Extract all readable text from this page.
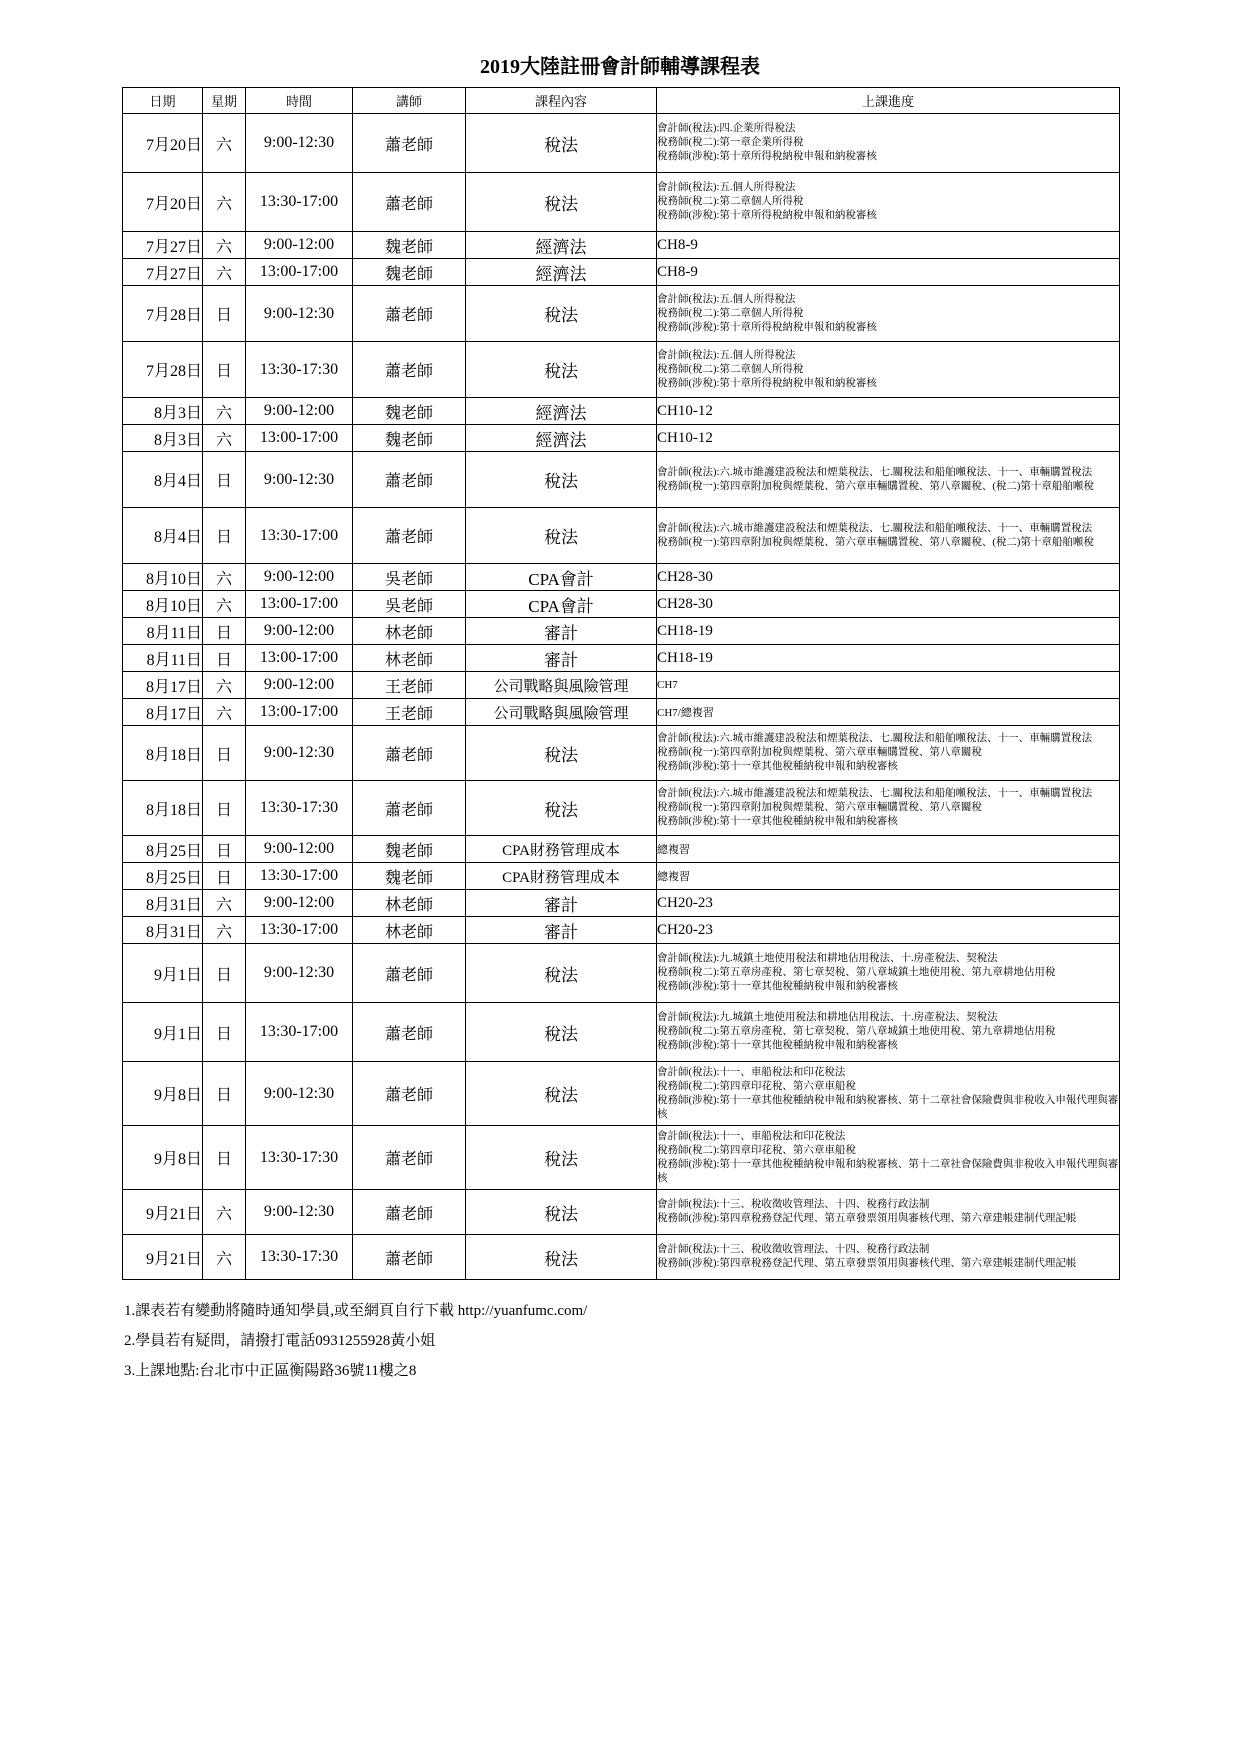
2019大陸註冊會計師輔導課程表
日期	星期	時間	講師	課程內容	上課進度
7月20日	六	9:00-12:30	蕭老師	稅法	會計師(稅法):四.企業所得稅法
稅務師(稅二):第一章企業所得稅
稅務師(涉稅):第十章所得稅納稅申報和納稅審核

7月20日	六	13:30-17:00	蕭老師	稅法	會計師(稅法):五.個人所得稅法
稅務師(稅二):第二章個人所得稅
稅務師(涉稅):第十章所得稅納稅申報和納稅審核

7月27日	六	9:00-12:00	魏老師	經濟法	CH8-9

7月27日	六	13:00-17:00	魏老師	經濟法	CH8-9

7月28日	日	9:00-12:30	蕭老師	稅法	會計師(稅法):五.個人所得稅法
稅務師(稅二):第二章個人所得稅
稅務師(涉稅):第十章所得稅納稅申報和納稅審核

7月28日	日	13:30-17:30	蕭老師	稅法	會計師(稅法):五.個人所得稅法
稅務師(稅二):第二章個人所得稅
稅務師(涉稅):第十章所得稅納稅申報和納稅審核

8月3日	六	9:00-12:00	魏老師	經濟法	CH10-12

8月3日	六	13:00-17:00	魏老師	經濟法	CH10-12

8月4日	日	9:00-12:30	蕭老師	稅法	會計師(稅法):六.城市維護建設稅法和煙葉稅法、七.關稅法和船舶噸稅法、十一、車輛購置稅法
稅務師(稅一):第四章附加稅與煙葉稅、第六章車輛購置稅、第八章關稅、(稅二)第十章船舶噸稅

8月4日	日	13:30-17:00	蕭老師	稅法	會計師(稅法):六.城市維護建設稅法和煙葉稅法、七.關稅法和船舶噸稅法、十一、車輛購置稅法
稅務師(稅一):第四章附加稅與煙葉稅、第六章車輛購置稅、第八章關稅、(稅二)第十章船舶噸稅

8月10日	六	9:00-12:00	吳老師	CPA會計	CH28-30

8月10日	六	13:00-17:00	吳老師	CPA會計	CH28-30

8月11日	日	9:00-12:00	林老師	審計	CH18-19

8月11日	日	13:00-17:00	林老師	審計	CH18-19

8月17日	六	9:00-12:00	王老師	公司戰略與風險管理	CH7

8月17日	六	13:00-17:00	王老師	公司戰略與風險管理	CH7/總複習

8月18日	日	9:00-12:30	蕭老師	稅法	會計師(稅法):六.城市維護建設稅法和煙葉稅法、七.關稅法和船舶噸稅法、十一、車輛購置稅法
稅務師(稅一):第四章附加稅與煙葉稅、第六章車輛購置稅、第八章關稅
稅務師(涉稅):第十一章其他稅種納稅申報和納稅審核

8月18日	日	13:30-17:30	蕭老師	稅法	會計師(稅法):六.城市維護建設稅法和煙葉稅法、七.關稅法和船舶噸稅法、十一、車輛購置稅法
稅務師(稅一):第四章附加稅與煙葉稅、第六章車輛購置稅、第八章關稅
稅務師(涉稅):第十一章其他稅種納稅申報和納稅審核

8月25日	日	9:00-12:00	魏老師	CPA財務管理成本	總複習

8月25日	日	13:30-17:00	魏老師	CPA財務管理成本	總複習

8月31日	六	9:00-12:00	林老師	審計	CH20-23

8月31日	六	13:30-17:00	林老師	審計	CH20-23

9月1日	日	9:00-12:30	蕭老師	稅法	會計師(稅法):九.城鎮土地使用稅法和耕地佔用稅法、十.房產稅法、契稅法
稅務師(稅二):第五章房產稅、第七章契稅、第八章城鎮土地使用稅、第九章耕地佔用稅
稅務師(涉稅):第十一章其他稅種納稅申報和納稅審核

9月1日	日	13:30-17:00	蕭老師	稅法	會計師(稅法):九.城鎮土地使用稅法和耕地佔用稅法、十.房產稅法、契稅法
稅務師(稅二):第五章房產稅、第七章契稅、第八章城鎮土地使用稅、第九章耕地佔用稅
稅務師(涉稅):第十一章其他稅種納稅申報和納稅審核

9月8日	日	9:00-12:30	蕭老師	稅法	會計師(稅法):十一、車船稅法和印花稅法
稅務師(稅二):第四章印花稅、第六章車船稅
稅務師(涉稅):第十一章其他稅種納稅申報和納稅審核、第十二章社會保險費與非稅收入申報代理與審核

9月8日	日	13:30-17:30	蕭老師	稅法	會計師(稅法):十一、車船稅法和印花稅法
稅務師(稅二):第四章印花稅、第六章車船稅
稅務師(涉稅):第十一章其他稅種納稅申報和納稅審核、第十二章社會保險費與非稅收入申報代理與審核

9月21日	六	9:00-12:30	蕭老師	稅法	會計師(稅法):十三、稅收徵收管理法、十四、稅務行政法制
稅務師(涉稅):第四章稅務登記代理、第五章發票領用與審核代理、第六章建帳建制代理記帳

9月21日	六	13:30-17:30	蕭老師	稅法	會計師(稅法):十三、稅收徵收管理法、十四、稅務行政法制
稅務師(涉稅):第四章稅務登記代理、第五章發票領用與審核代理、第六章建帳建制代理記帳
1.課表若有變動將隨時通知學員,或至網頁自行下載 http://yuanfumc.com/
2.學員若有疑問，請撥打電話0931255928黃小姐
3.上課地點:台北市中正區衡陽路36號11樓之8
